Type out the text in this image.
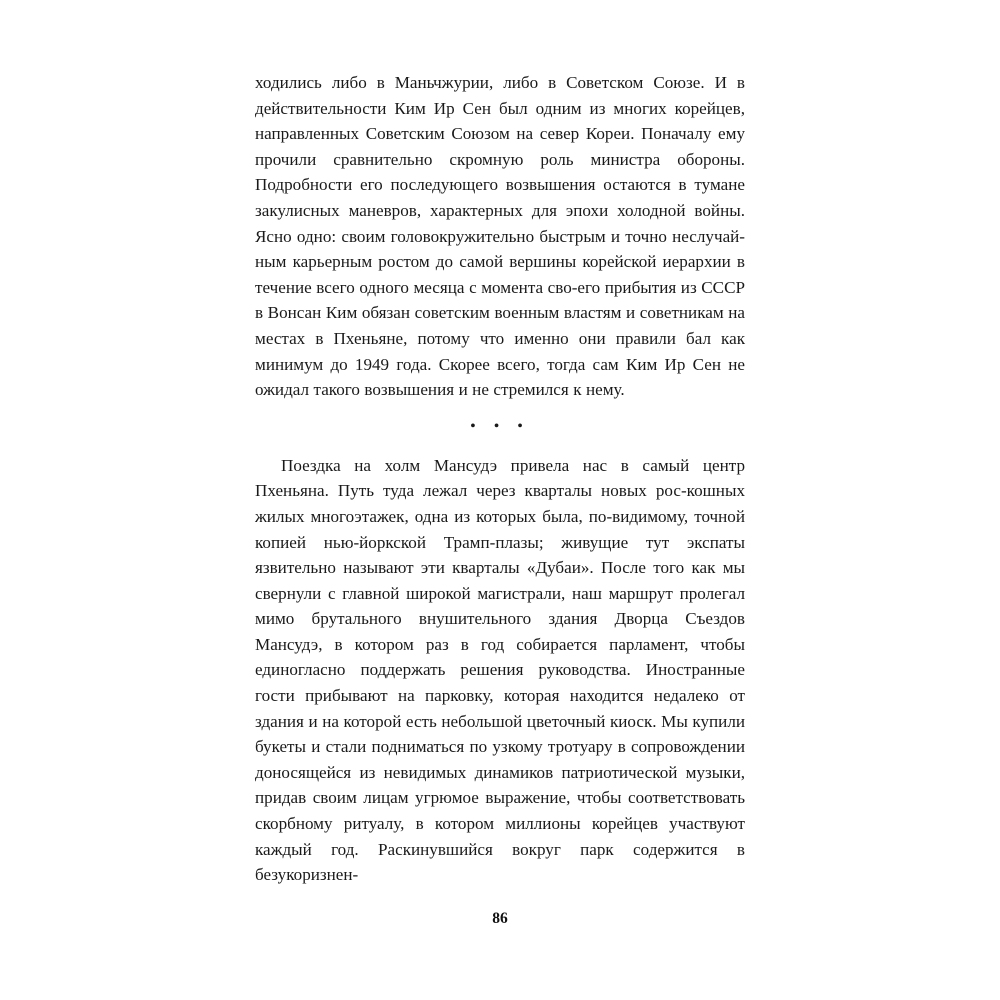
ходились либо в Маньчжурии, либо в Советском Союзе. И в действительности Ким Ир Сен был одним из многих корейцев, направленных Советским Союзом на север Кореи. Поначалу ему прочили сравнительно скромную роль министра обороны. Подробности его последующего возвышения остаются в тумане закулисных маневров, характерных для эпохи холодной войны. Ясно одно: своим головокружительно быстрым и точно неслучай-ным карьерным ростом до самой вершины корейской иерархии в течение всего одного месяца с момента сво-его прибытия из СССР в Вонсан Ким обязан советским военным властям и советникам на местах в Пхеньяне, потому что именно они правили бал как минимум до 1949 года. Скорее всего, тогда сам Ким Ир Сен не ожидал такого возвышения и не стремился к нему.

• • •

Поездка на холм Мансудэ привела нас в самый центр Пхеньяна. Путь туда лежал через кварталы новых рос-кошных жилых многоэтажек, одна из которых была, по-видимому, точной копией нью-йоркской Трамп-плазы; живущие тут экспаты язвительно называют эти кварталы «Дубаи». После того как мы свернули с главной широкой магистрали, наш маршрут пролегал мимо брутального внушительного здания Дворца Съездов Мансудэ, в котором раз в год собирается парламент, чтобы единогласно поддержать решения руководства. Иностранные гости прибывают на парковку, которая находится недалеко от здания и на которой есть небольшой цветочный киоск. Мы купили букеты и стали подниматься по узкому тротуару в сопровождении доносящейся из невидимых динамиков патриотической музыки, придав своим лицам угрюмое выражение, чтобы соответствовать скорбному ритуалу, в котором миллионы корейцев участвуют каждый год. Раскинувшийся вокруг парк содержится в безукоризнен-

86
